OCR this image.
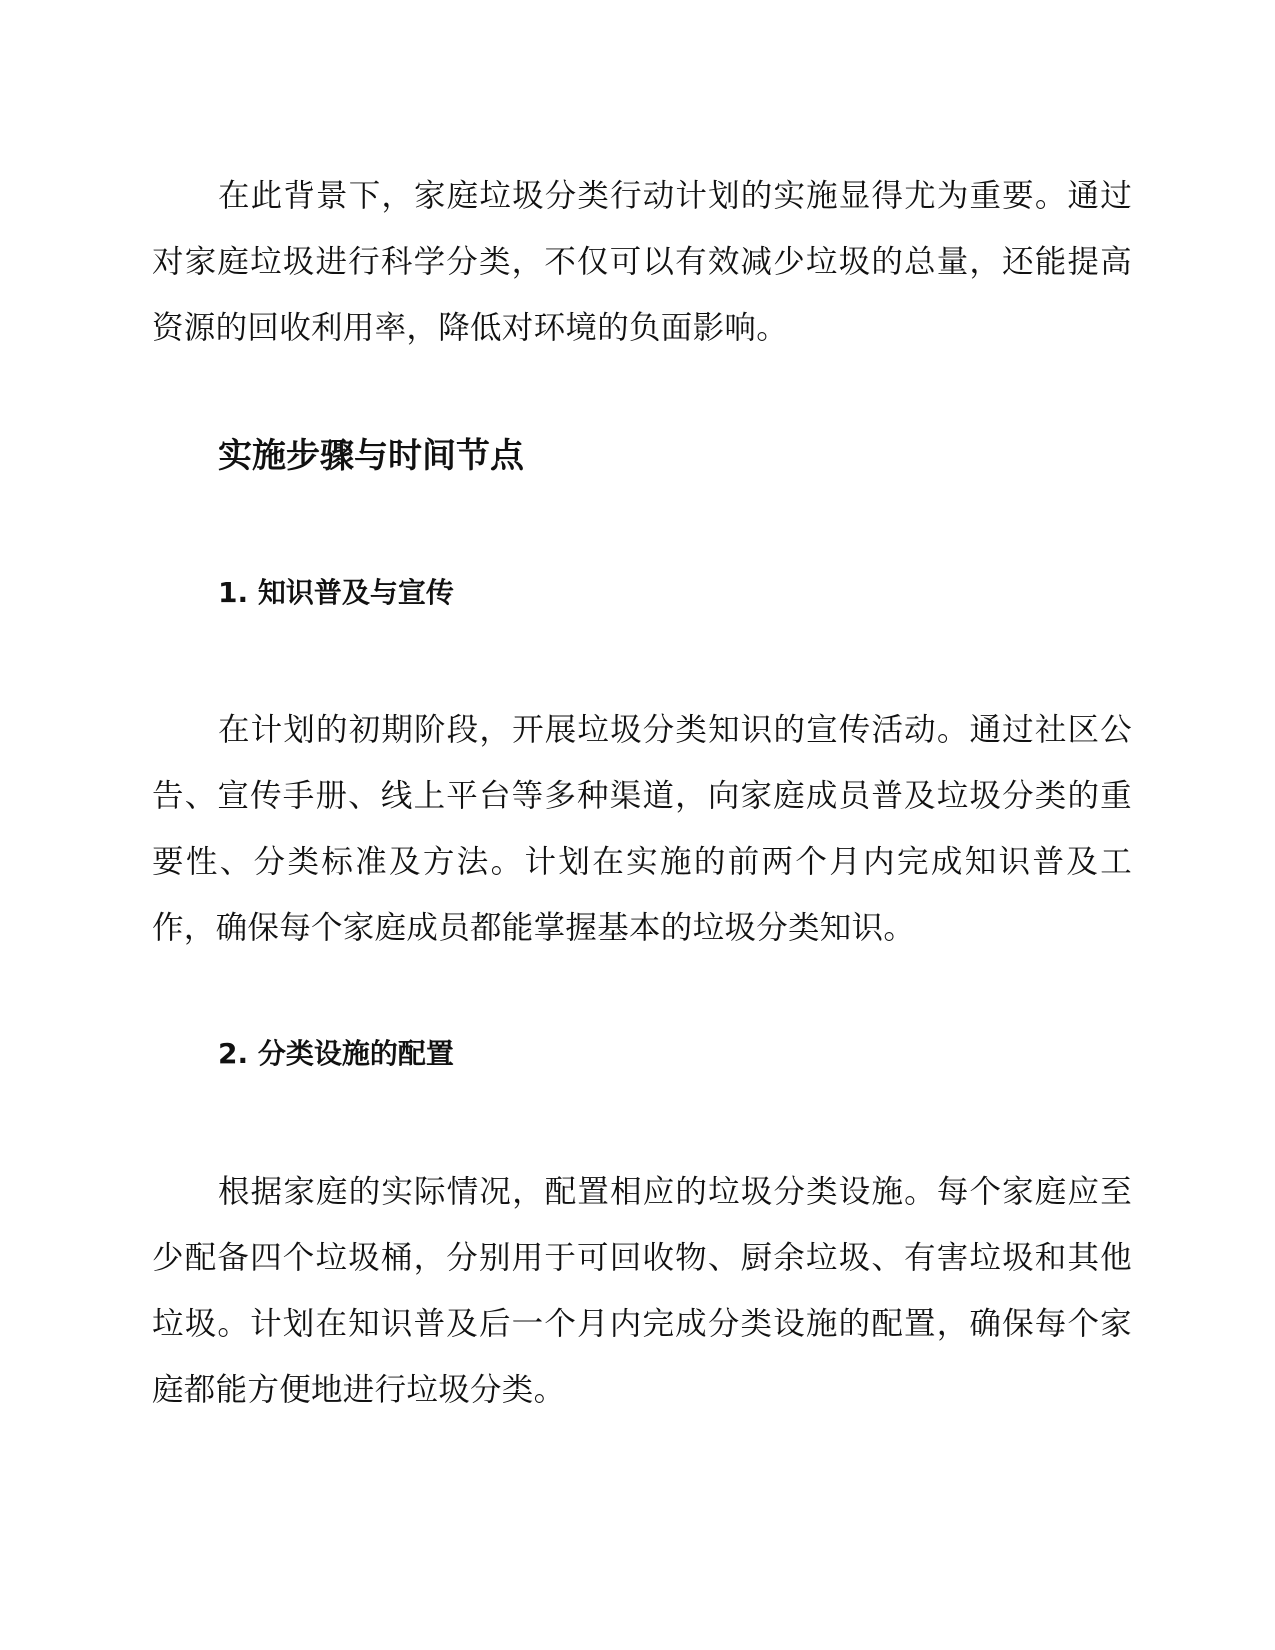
在此背景下，家庭垃圾分类行动计划的实施显得尤为重要。通过对家庭垃圾进行科学分类，不仅可以有效减少垃圾的总量，还能提高资源的回收利用率，降低对环境的负面影响。

实施步骤与时间节点
1. 知识普及与宣传

在计划的初期阶段，开展垃圾分类知识的宣传活动。通过社区公告、宣传手册、线上平台等多种渠道，向家庭成员普及垃圾分类的重要性、分类标准及方法。计划在实施的前两个月内完成知识普及工作，确保每个家庭成员都能掌握基本的垃圾分类知识。

2. 分类设施的配置

根据家庭的实际情况，配置相应的垃圾分类设施。每个家庭应至少配备四个垃圾桶，分别用于可回收物、厨余垃圾、有害垃圾和其他垃圾。计划在知识普及后一个月内完成分类设施的配置，确保每个家庭都能方便地进行垃圾分类。
